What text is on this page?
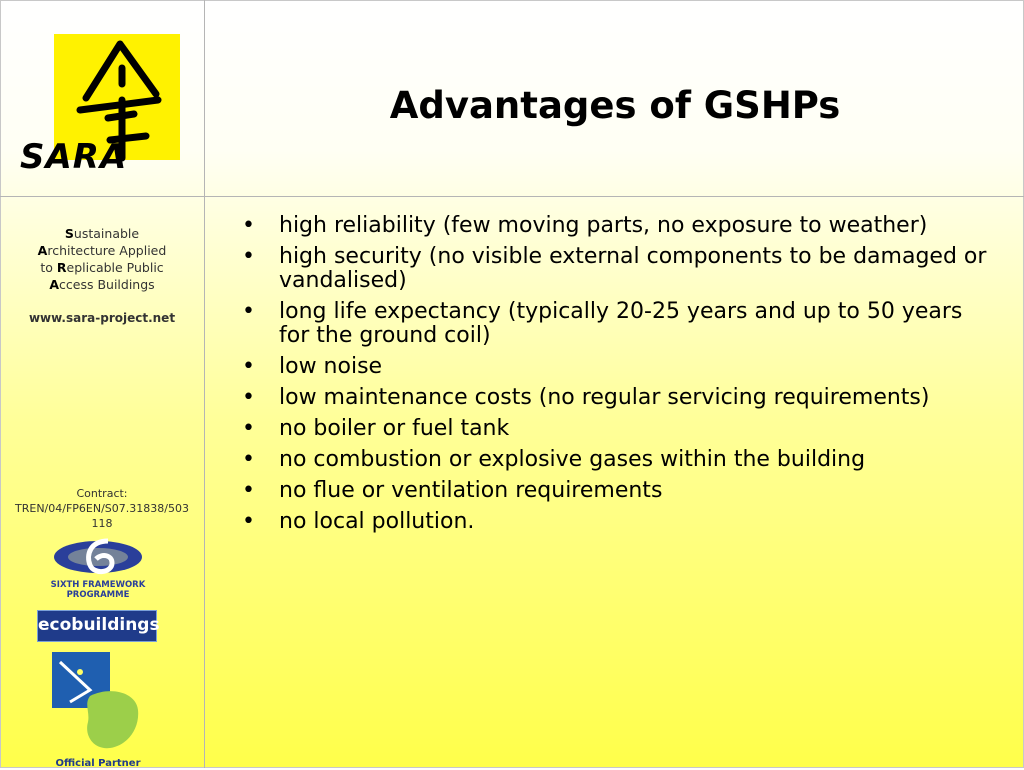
SARA
Advantages of GSHPs
Sustainable
Architecture Applied
to Replicable Public
Access Buildings
www.sara-project.net
Contract:
TREN/04/FP6EN/S07.31838/503118
SIXTH FRAMEWORK
PROGRAMME
ecobuildings
Official Partner
• high reliability (few moving parts, no exposure to weather)
• high security (no visible external components to be damaged or vandalised)
• long life expectancy (typically 20-25 years and up to 50 years for the ground coil)
• low noise
• low maintenance costs (no regular servicing requirements)
• no boiler or fuel tank
• no combustion or explosive gases within the building
• no flue or ventilation requirements
• no local pollution.
